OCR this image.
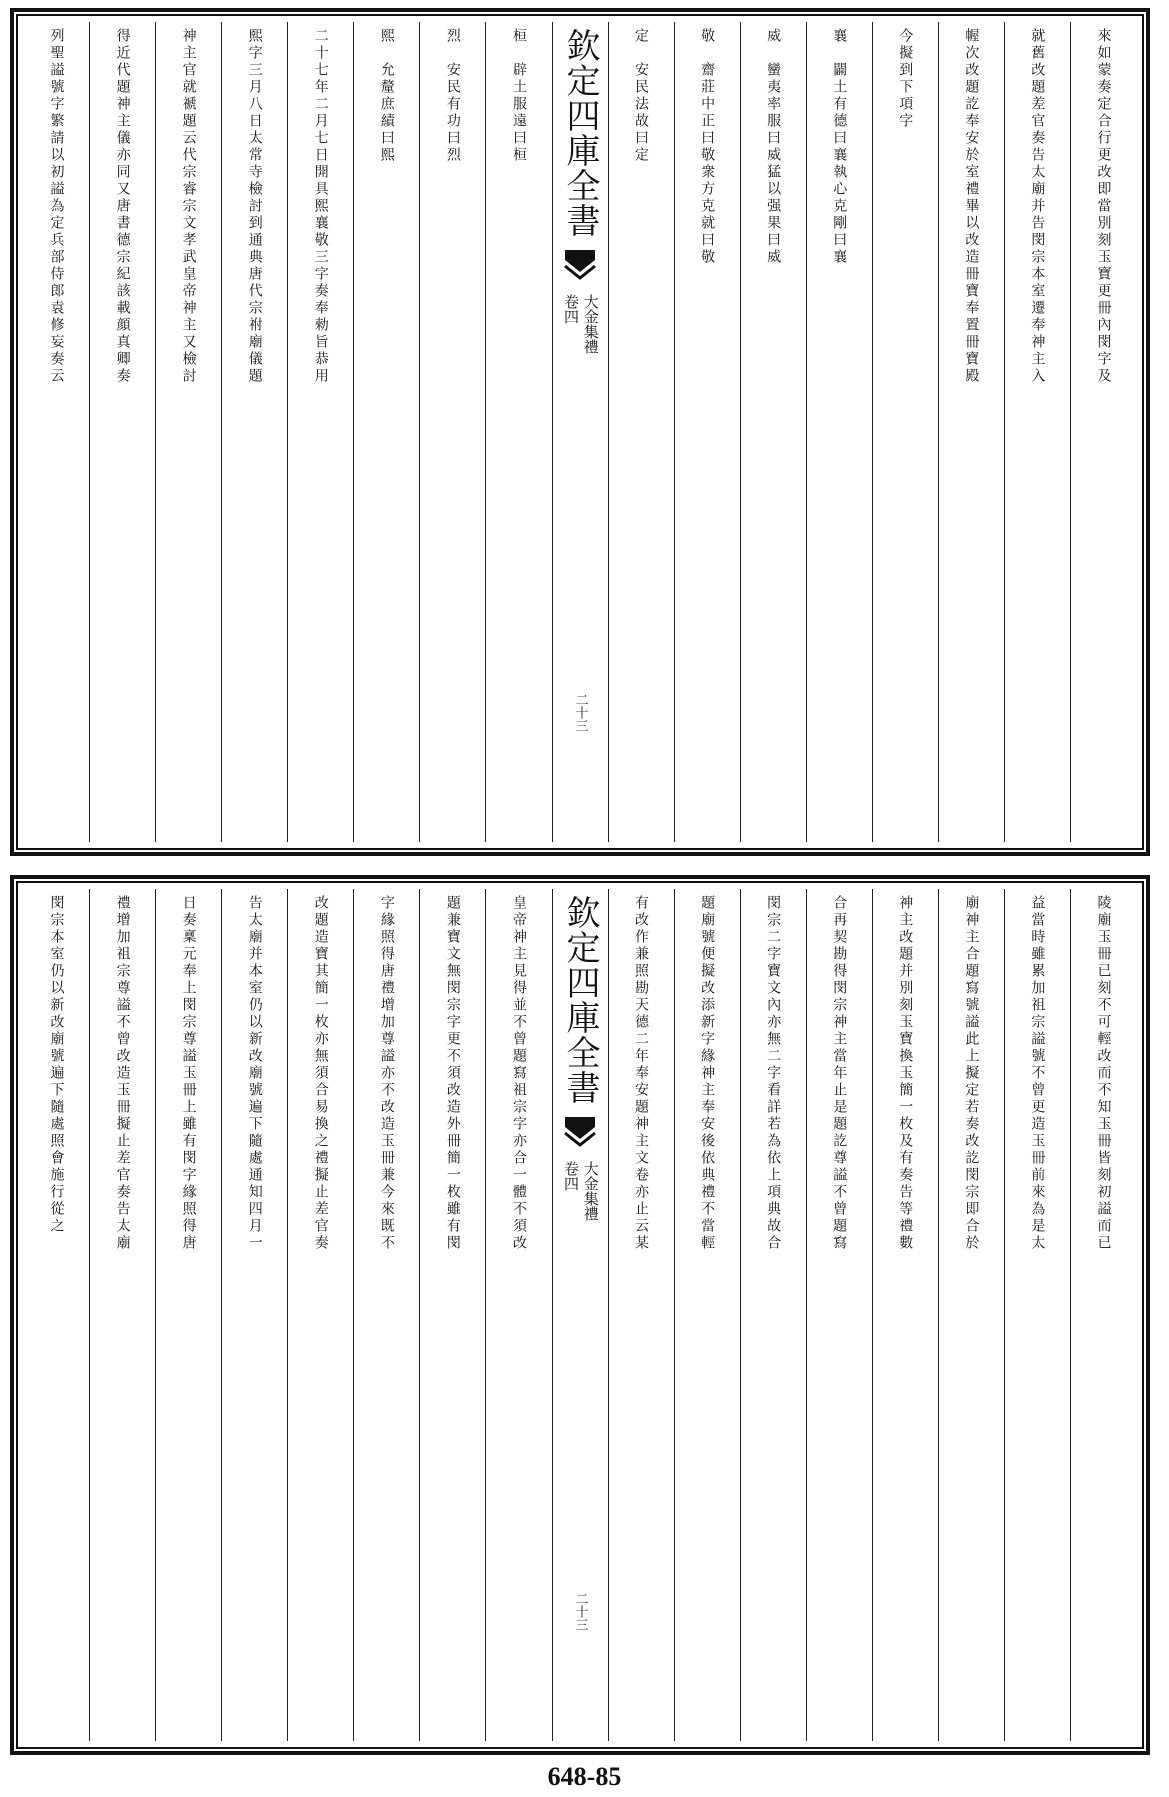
來如蒙奏定合行更改即當別刻玉寶更冊內閔字及
就舊改題差官奏告太廟并告閔宗本室遷奉神主入
幄次改題訖奉安於室禮畢以改造冊寶奉置冊寶殿
今擬到下項字
襄　闢土有德曰襄執心克剛曰襄
威　蠻夷率服曰威猛以强果曰威
敬　齋莊中正曰敬衆方克就曰敬
定　安民法故曰定
欽定四庫全書
大金集禮
卷四
二十三
桓　辟土服遠曰桓
烈　安民有功曰烈
熙　允釐庶績曰熙
二十七年二月七日開具熙襄敬三字奏奉勑旨恭用
熙字三月八日太常寺檢討到通典唐代宗祔廟儀題
神主官就禠題云代宗睿宗文孝武皇帝神主又檢討
得近代題神主儀亦同又唐書德宗紀該載顔真卿奏
列聖謚號字繁請以初謚為定兵部侍郎袁修妄奏云
陵廟玉冊已刻不可輕改而不知玉冊皆刻初謚而已
益當時雖累加祖宗謚號不曾更造玉冊前來為是太
廟神主合題寫號謚此上擬定若奏改訖閔宗即合於
神主改題并別刻玉寶換玉簡一枚及有奏告等禮數
合再契勘得閔宗神主當年止是題訖尊謚不曾題寫
閔宗二字寶文內亦無二字看詳若為依上項典故合
題廟號便擬改添新字緣神主奉安後依典禮不當輕
有改作兼照勘天德二年奉安題神主文卷亦止云某
欽定四庫全書
大金集禮
卷四
二十三
皇帝神主見得並不曾題寫祖宗字亦合一體不須改
題兼寶文無閔宗字更不須改造外冊簡一枚雖有閔
字緣照得唐禮增加尊謚亦不改造玉冊兼今來既不
改題造寶其簡一枚亦無須合易換之禮擬止差官奏
告太廟并本室仍以新改廟號遍下隨處通知四月一
日奏稟元奉上閔宗尊謚玉冊上雖有閔字緣照得唐
禮增加祖宗尊謚不曾改造玉冊擬止差官奏告太廟
閔宗本室仍以新改廟號遍下隨處照會施行從之
648-85
